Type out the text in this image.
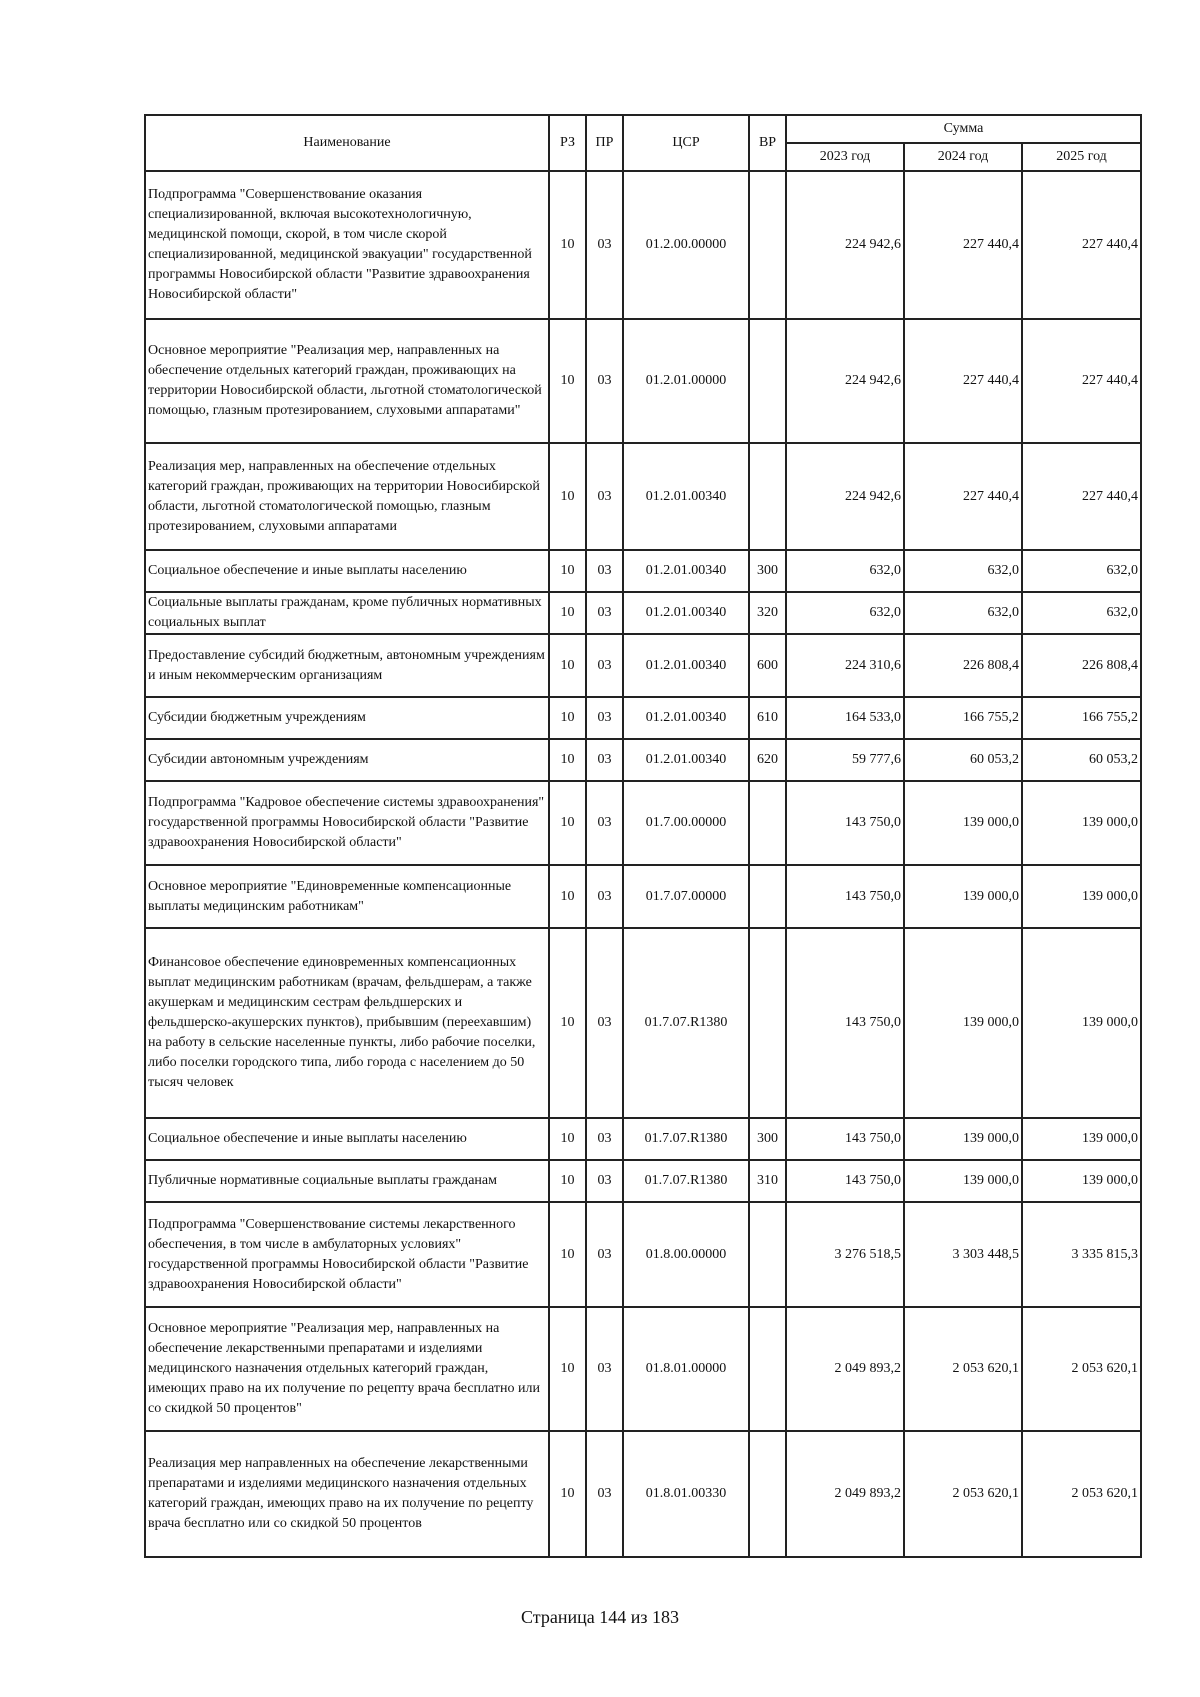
Наименование	РЗ	ПР	ЦСР	ВР	Сумма		
					2023 год	2024 год	2025 год
Подпрограмма "Совершенствование оказания специализированной, включая высокотехнологичную, медицинской помощи, скорой, в том числе скорой специализированной, медицинской эвакуации" государственной программы Новосибирской области "Развитие здравоохранения Новосибирской области"	10	03	01.2.00.00000		224 942,6	227 440,4	227 440,4
Основное мероприятие "Реализация мер, направленных на обеспечение отдельных категорий граждан, проживающих на территории Новосибирской области, льготной стоматологической помощью, глазным протезированием, слуховыми аппаратами"	10	03	01.2.01.00000		224 942,6	227 440,4	227 440,4
Реализация мер, направленных на обеспечение отдельных категорий граждан, проживающих на территории Новосибирской области, льготной стоматологической помощью, глазным протезированием, слуховыми аппаратами	10	03	01.2.01.00340		224 942,6	227 440,4	227 440,4
Социальное обеспечение и иные выплаты населению	10	03	01.2.01.00340	300	632,0	632,0	632,0
Социальные выплаты гражданам, кроме публичных нормативных социальных выплат	10	03	01.2.01.00340	320	632,0	632,0	632,0
Предоставление субсидий бюджетным, автономным учреждениям и иным некоммерческим организациям	10	03	01.2.01.00340	600	224 310,6	226 808,4	226 808,4
Субсидии бюджетным учреждениям	10	03	01.2.01.00340	610	164 533,0	166 755,2	166 755,2
Субсидии автономным учреждениям	10	03	01.2.01.00340	620	59 777,6	60 053,2	60 053,2
Подпрограмма "Кадровое обеспечение системы здравоохранения" государственной программы Новосибирской области "Развитие здравоохранения Новосибирской области"	10	03	01.7.00.00000		143 750,0	139 000,0	139 000,0
Основное мероприятие "Единовременные компенсационные выплаты медицинским работникам"	10	03	01.7.07.00000		143 750,0	139 000,0	139 000,0
Финансовое обеспечение единовременных компенсационных выплат медицинским работникам (врачам, фельдшерам, а также акушеркам и медицинским сестрам фельдшерских и фельдшерско-акушерских пунктов), прибывшим (переехавшим) на работу в сельские населенные пункты, либо рабочие поселки, либо поселки городского типа, либо города с населением до 50 тысяч человек	10	03	01.7.07.R1380		143 750,0	139 000,0	139 000,0
Социальное обеспечение и иные выплаты населению	10	03	01.7.07.R1380	300	143 750,0	139 000,0	139 000,0
Публичные нормативные социальные выплаты гражданам	10	03	01.7.07.R1380	310	143 750,0	139 000,0	139 000,0
Подпрограмма "Совершенствование системы лекарственного обеспечения, в том числе в амбулаторных условиях" государственной программы Новосибирской области "Развитие здравоохранения Новосибирской области"	10	03	01.8.00.00000		3 276 518,5	3 303 448,5	3 335 815,3
Основное мероприятие "Реализация мер, направленных на обеспечение лекарственными препаратами и изделиями медицинского назначения отдельных категорий граждан, имеющих право на их получение по рецепту врача бесплатно или со скидкой 50 процентов"	10	03	01.8.01.00000		2 049 893,2	2 053 620,1	2 053 620,1
Реализация мер направленных на обеспечение лекарственными препаратами и изделиями медицинского назначения отдельных категорий граждан, имеющих право на их получение по рецепту врача бесплатно или со скидкой 50 процентов	10	03	01.8.01.00330		2 049 893,2	2 053 620,1	2 053 620,1
Страница 144 из 183
